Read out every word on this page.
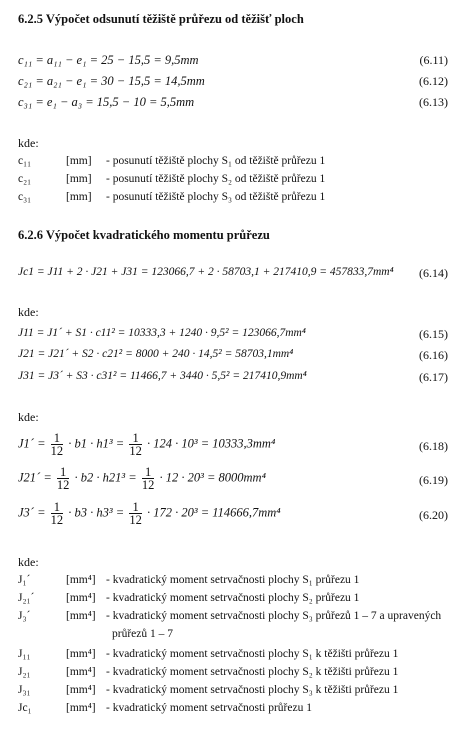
6.2.5 Výpočet odsunutí těžiště průřezu od těžišť ploch
c₁₁ = a₁₁ − e₁ = 25 − 15,5 = 9,5mm	(6.11)
c₂₁ = a₂₁ − e₁ = 30 − 15,5 = 14,5mm	(6.12)
c₃₁ = e₁ − a₃ = 15,5 − 10 = 5,5mm	(6.13)
kde:
c₁₁	[mm] - posunutí těžiště plochy S₁ od těžiště průřezu 1
c₂₁	[mm] - posunutí těžiště plochy S₂ od těžiště průřezu 1
c₃₁	[mm] - posunutí těžiště plochy S₃ od těžiště průřezu 1
6.2.6 Výpočet kvadratického momentu průřezu
Jc1 = J11 + 2 · J21 + J31 = 123066,7 + 2 · 58703,1 + 217410,9 = 457833,7mm⁴ (6.14)
kde:
J11 = J1´ + S1 · c11² = 10333,3 + 1240 · 9,5² = 123066,7mm⁴	(6.15)
J21 = J21´ + S2 · c21² = 8000 + 240 · 14,5² = 58703,1mm⁴	(6.16)
J31 = J3´ + S3 · c31² = 11466,7 + 3440 · 5,5² = 217410,9mm⁴	(6.17)
kde:
J1´ = $\frac{1}{12} \cdot b1 \cdot h1^3 = \frac{1}{12} \cdot 124 \cdot 10^3 = 10333,3mm^4$	(6.18)
J21´ = $\frac{1}{12} \cdot b2 \cdot h21^3 = \frac{1}{12} \cdot 12 \cdot 20^3 = 8000mm^4$	(6.19)
J3´ = $\frac{1}{12} \cdot b3 \cdot h3^3 = \frac{1}{12} \cdot 172 \cdot 20^3 = 114666,7mm^4$	(6.20)
kde:
J₁´	[mm⁴] - kvadratický moment setrvačnosti plochy S₁ průřezu 1
J₂₁´	[mm⁴] - kvadratický moment setrvačnosti plochy S₂ průřezu 1
J₃´	[mm⁴] - kvadratický moment setrvačnosti plochy S₃ průřezů 1 – 7 a upravených
průřezů 1 – 7
J₁₁	[mm⁴] - kvadratický moment setrvačnosti plochy S₁ k těžišti průřezu 1
J₂₁	[mm⁴] - kvadratický moment setrvačnosti plochy S₂ k těžišti průřezu 1
J₃₁	[mm⁴] - kvadratický moment setrvačnosti plochy S₃ k těžišti průřezu 1
Jc₁	[mm⁴] - kvadratický moment setrvačnosti průřezu 1
